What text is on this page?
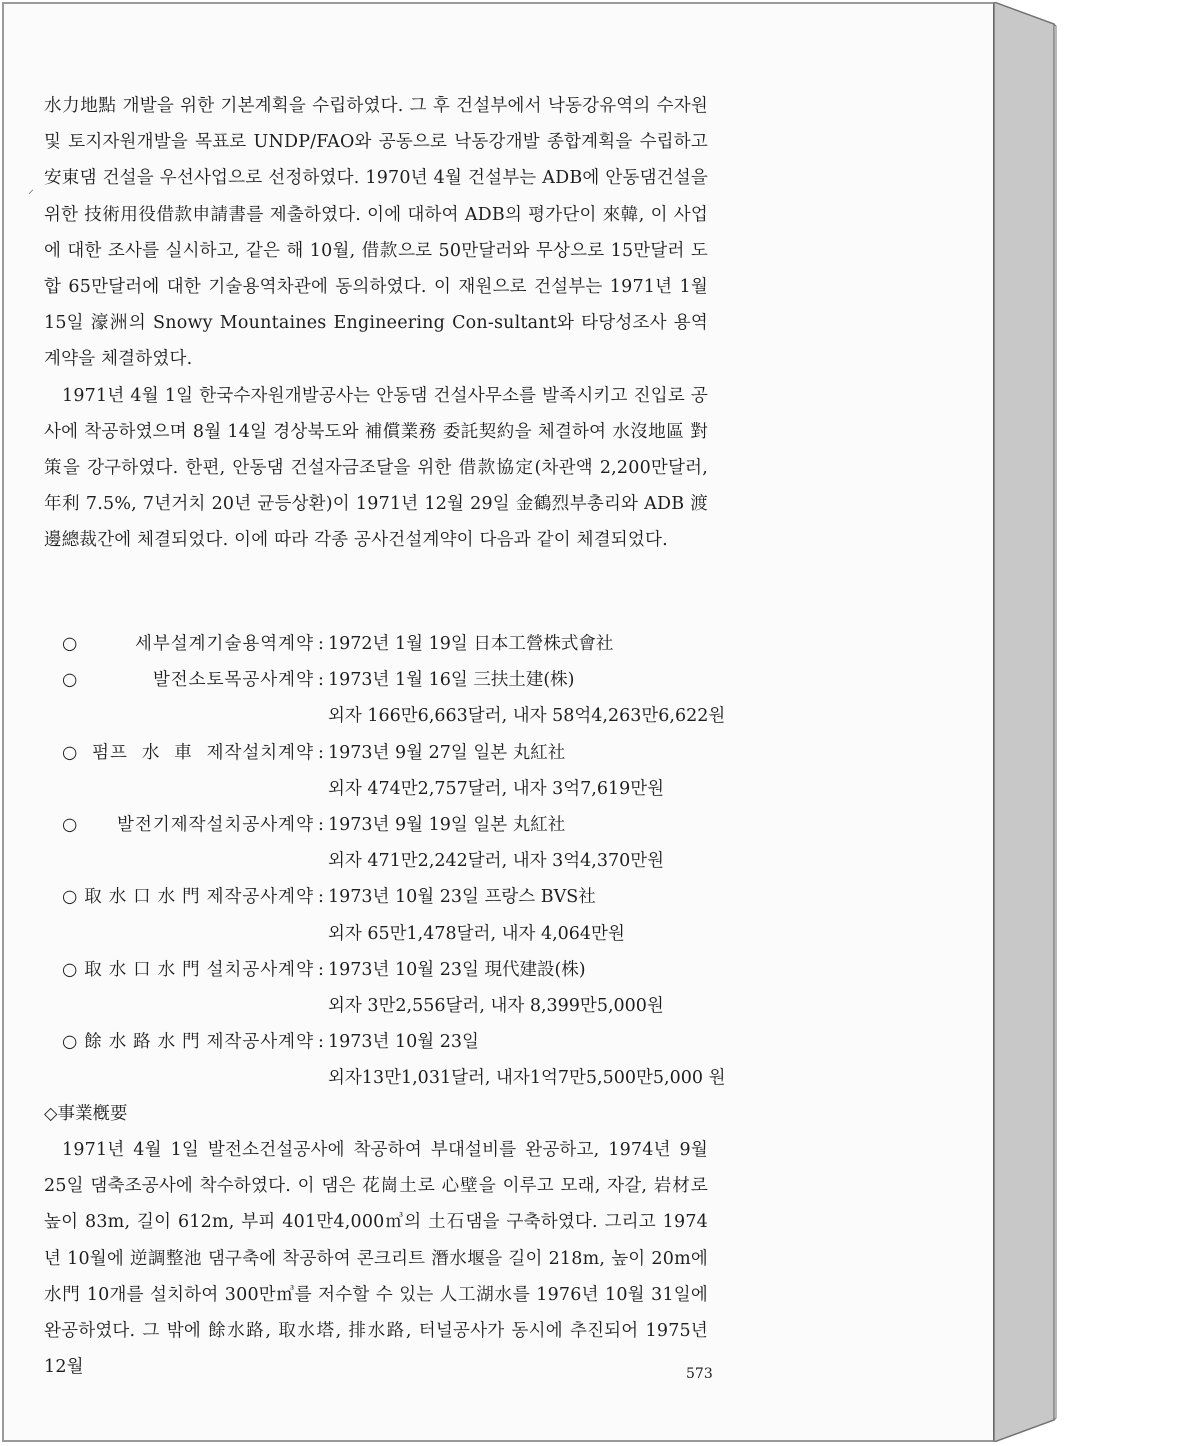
⸝

水力地點 개발을 위한 기본계획을 수립하였다. 그 후 건설부에서 낙동강유역의 수자원 및 토지자원개발을 목표로 UNDP/FAO와 공동으로 낙동강개발 종합계획을 수립하고 安東댐 건설을 우선사업으로 선정하였다. 1970년 4월 건설부는 ADB에 안동댐건설을 위한 技術用役借款申請書를 제출하였다. 이에 대하여 ADB의 평가단이 來韓, 이 사업에 대한 조사를 실시하고, 같은 해 10월, 借款으로 50만달러와 무상으로 15만달러 도합 65만달러에 대한 기술용역차관에 동의하였다. 이 재원으로 건설부는 1971년 1월 15일 濠洲의 Snowy Mountaines Engineering Con-sultant와 타당성조사 용역계약을 체결하였다.

1971년 4월 1일 한국수자원개발공사는 안동댐 건설사무소를 발족시키고 진입로 공사에 착공하였으며 8월 14일 경상북도와 補償業務 委託契約을 체결하여 水沒地區 對策을 강구하였다. 한편, 안동댐 건설자금조달을 위한 借款協定(차관액 2,200만달러, 年利 7.5%, 7년거치 20년 균등상환)이 1971년 12월 29일 金鶴烈부총리와 ADB 渡邊總裁간에 체결되었다. 이에 따라 각종 공사건설계약이 다음과 같이 체결되었다.

○세부설계기술용역계약 : 1972년 1월 19일 日本工營株式會社
○발전소토목공사계약 : 1973년 1월 16일 三扶土建(株)
외자 166만6,663달러, 내자 58억4,263만6,622원
○펌프水車제작설치계약 : 1973년 9월 27일 일본 丸紅社
외자 474만2,757달러, 내자 3억7,619만원
○발전기제작설치공사계약 : 1973년 9월 19일 일본 丸紅社
외자 471만2,242달러, 내자 3억4,370만원
○取水口水門제작공사계약 : 1973년 10월 23일 프랑스 BVS社
외자 65만1,478달러, 내자 4,064만원
○取水口水門설치공사계약 : 1973년 10월 23일 現代建設(株)
외자 3만2,556달러, 내자 8,399만5,000원
○餘水路水門제작공사계약 : 1973년 10월 23일
외자13만1,031달러, 내자1억7만5,500만5,000 원
◇事業槪要

1971년 4월 1일 발전소건설공사에 착공하여 부대설비를 완공하고, 1974년 9월 25일 댐축조공사에 착수하였다. 이 댐은 花崗土로 心壁을 이루고 모래, 자갈, 岩材로 높이 83m, 길이 612m, 부피 401만4,000㎥의 土石댐을 구축하였다. 그리고 1974년 10월에 逆調整池 댐구축에 착공하여 콘크리트 潛水堰을 길이 218m, 높이 20m에 水門 10개를 설치하여 300만㎥를 저수할 수 있는 人工湖水를 1976년 10월 31일에 완공하였다. 그 밖에 餘水路, 取水塔, 排水路, 터널공사가 동시에 추진되어 1975년 12월	573
